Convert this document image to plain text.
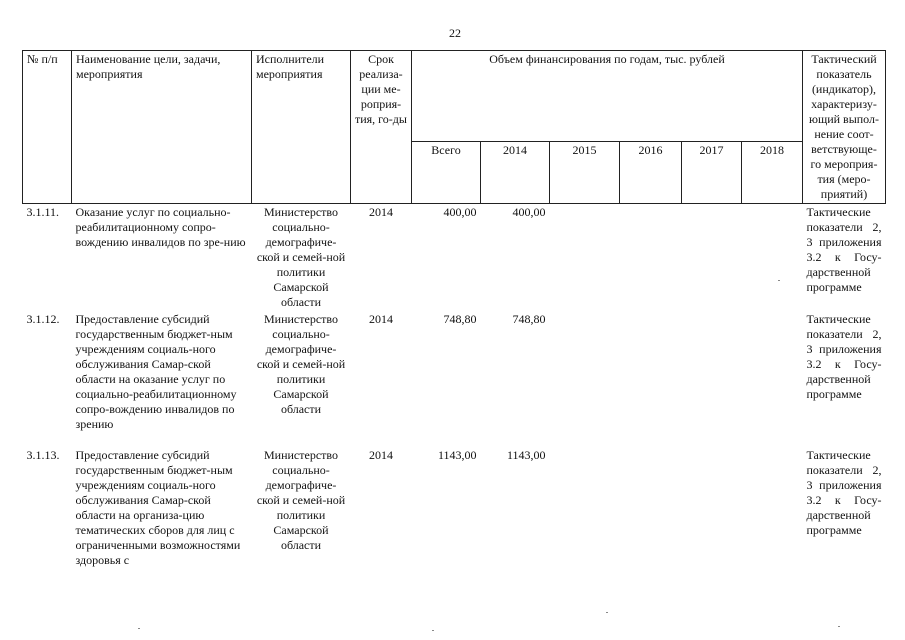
22
№ п/п	Наименование цели, задачи, мероприятия	Исполнители мероприятия	Срок реализа-ции ме-роприя-тия, го-ды	Объем финансирования по годам, тыс. рублей						Тактический показатель (индикатор), характеризу-ющий выпол-нение соот-ветствующе-го мероприя-тия (меро-приятий)
				Всего	2014	2015	2016	2017	2018	
3.1.11.	Оказание услуг по социально-реабилитационному сопро-вождению инвалидов по зре-нию	Министерство социально-демографиче-ской и семей-ной политики Самарской области	2014	400,00	400,00					Тактические показатели 2, 3 приложения 3.2 к Госу-дарственной программе
3.1.12.	Предоставление субсидий государственным бюджет-ным учреждениям социаль-ного обслуживания Самар-ской области на оказание услуг по социально-реабилитационному сопро-вождению инвалидов по зрению	Министерство социально-демографиче-ской и семей-ной политики Самарской области	2014	748,80	748,80					Тактические показатели 2, 3 приложения 3.2 к Госу-дарственной программе
3.1.13.	Предоставление субсидий государственным бюджет-ным учреждениям социаль-ного обслуживания Самар-ской области на организа-цию тематических сборов для лиц с ограниченными возможностями здоровья с	Министерство социально-демографиче-ской и семей-ной политики Самарской области	2014	1143,00	1143,00					Тактические показатели 2, 3 приложения 3.2 к Госу-дарственной программе
